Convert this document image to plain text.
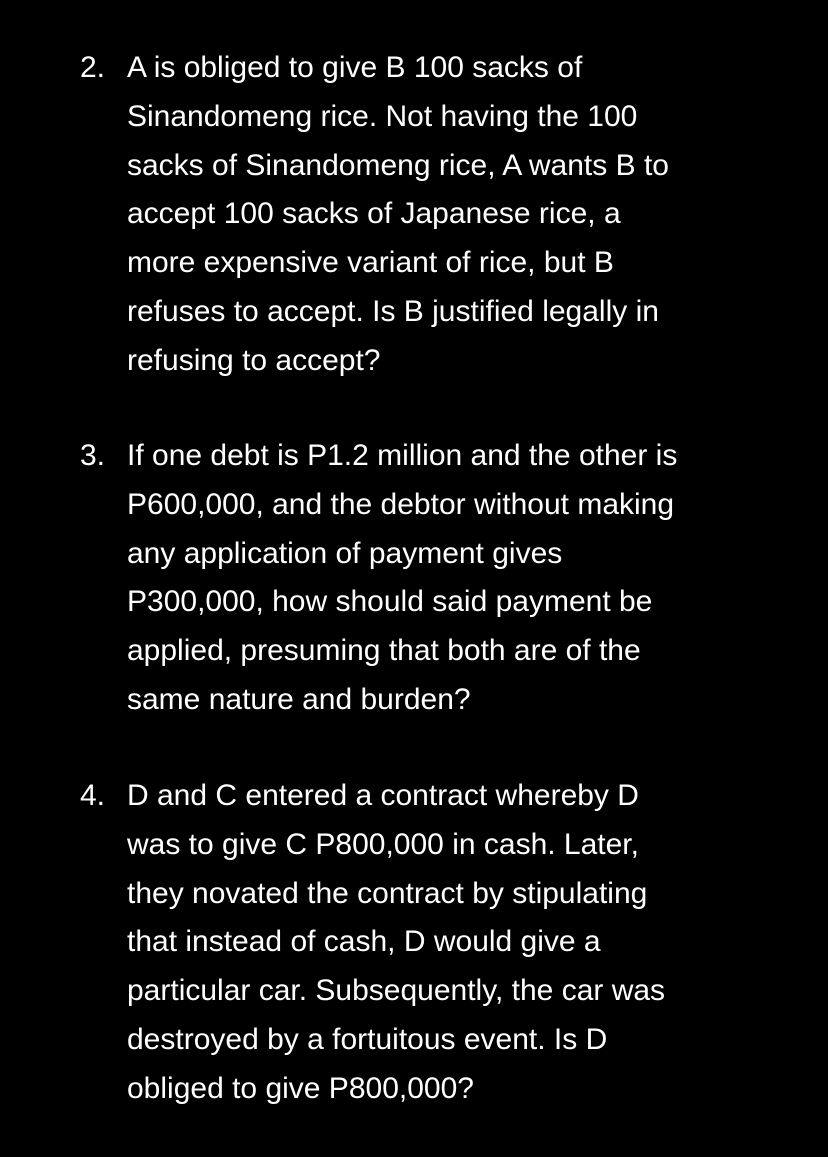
2. A is obliged to give B 100 sacks of
Sinandomeng rice. Not having the 100
sacks of Sinandomeng rice, A wants B to
accept 100 sacks of Japanese rice, a
more expensive variant of rice, but B
refuses to accept. Is B justified legally in
refusing to accept?
3. If one debt is P1.2 million and the other is
P600,000, and the debtor without making
any application of payment gives
P300,000, how should said payment be
applied, presuming that both are of the
same nature and burden?
4. D and C entered a contract whereby D
was to give C P800,000 in cash. Later,
they novated the contract by stipulating
that instead of cash, D would give a
particular car. Subsequently, the car was
destroyed by a fortuitous event. Is D
obliged to give P800,000?
